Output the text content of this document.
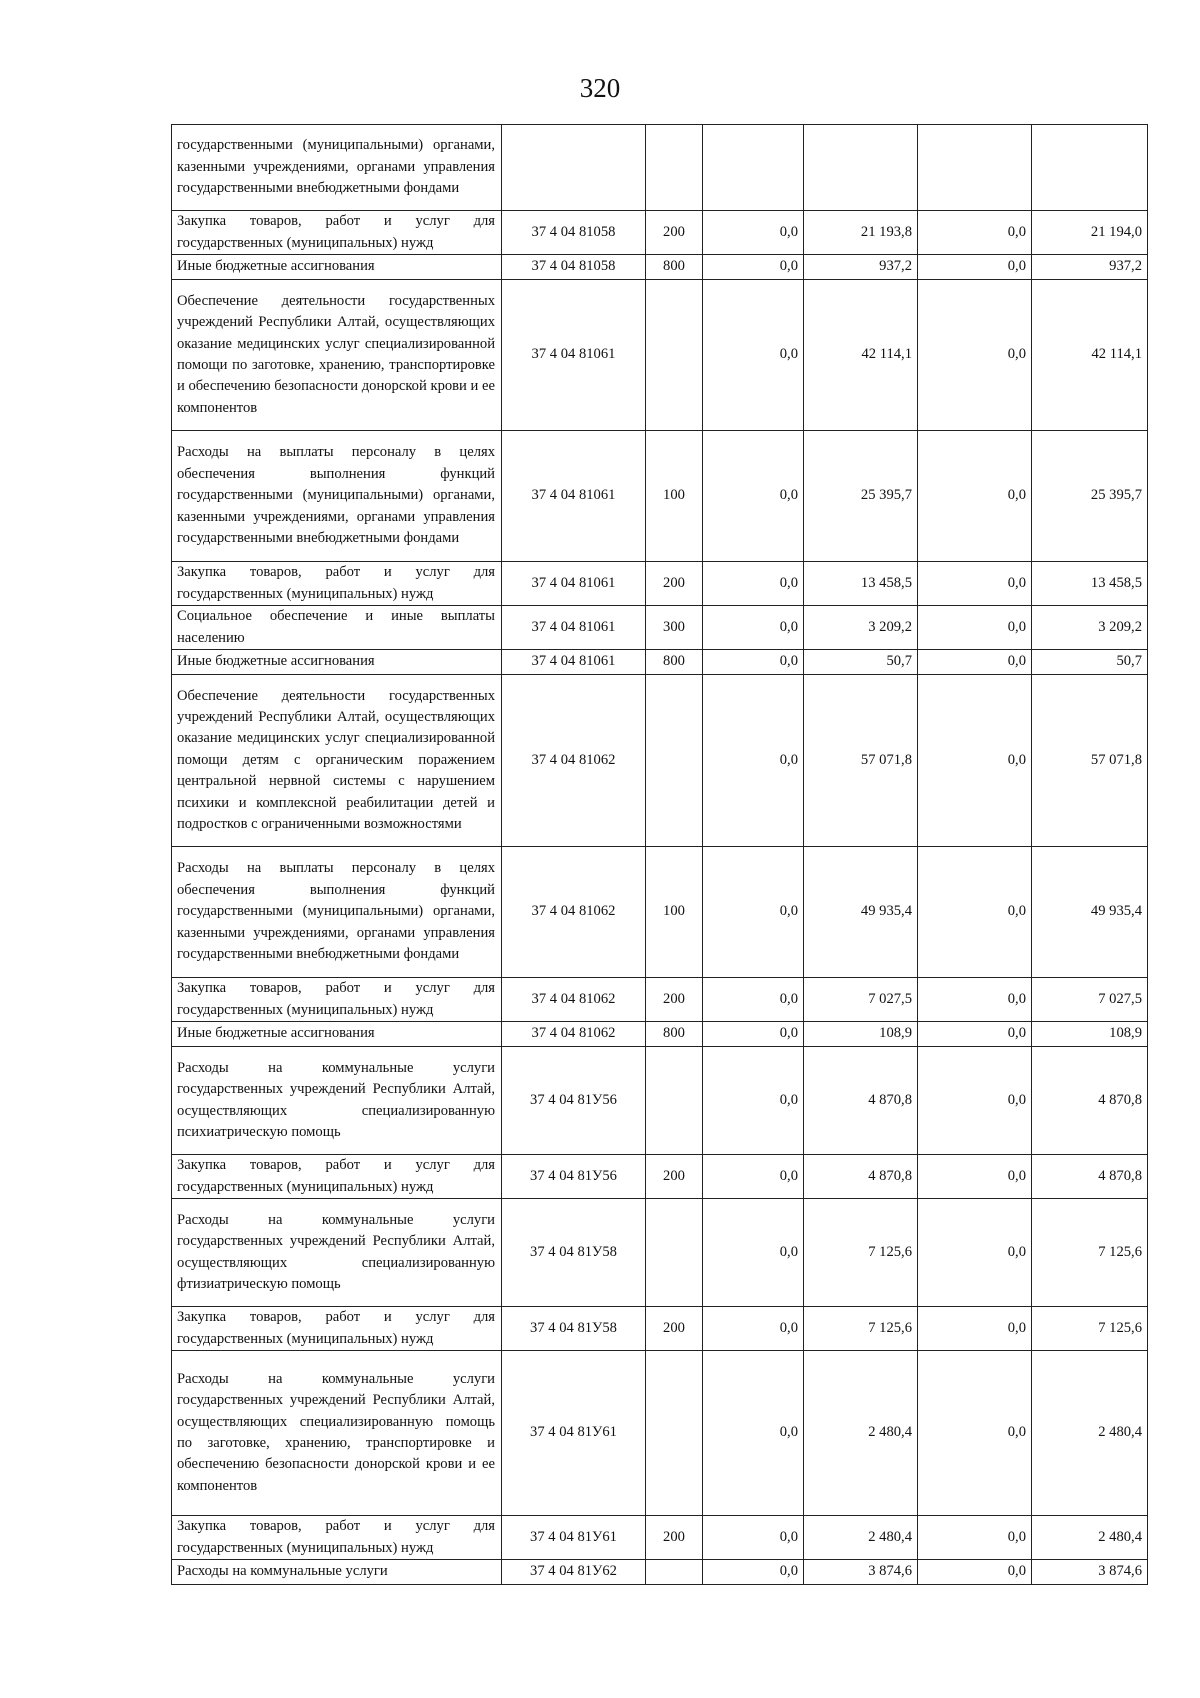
320
государственными (муниципальными) органами, казенными учреждениями, органами управления государственными внебюджетными фондами						
Закупка товаров, работ и услуг для государственных (муниципальных) нужд	37 4 04 81058	200	0,0	21 193,8	0,0	21 194,0
Иные бюджетные ассигнования	37 4 04 81058	800	0,0	937,2	0,0	937,2
Обеспечение деятельности государственных учреждений Республики Алтай, осуществляющих оказание медицинских услуг специализированной помощи по заготовке, хранению, транспортировке и обеспечению безопасности донорской крови и ее компонентов	37 4 04 81061		0,0	42 114,1	0,0	42 114,1
Расходы на выплаты персоналу в целях обеспечения выполнения функций государственными (муниципальными) органами, казенными учреждениями, органами управления государственными внебюджетными фондами	37 4 04 81061	100	0,0	25 395,7	0,0	25 395,7
Закупка товаров, работ и услуг для государственных (муниципальных) нужд	37 4 04 81061	200	0,0	13 458,5	0,0	13 458,5
Социальное обеспечение и иные выплаты населению	37 4 04 81061	300	0,0	3 209,2	0,0	3 209,2
Иные бюджетные ассигнования	37 4 04 81061	800	0,0	50,7	0,0	50,7
Обеспечение деятельности государственных учреждений Республики Алтай, осуществляющих оказание медицинских услуг специализированной помощи детям с органическим поражением центральной нервной системы с нарушением психики и комплексной реабилитации детей и подростков с ограниченными возможностями	37 4 04 81062		0,0	57 071,8	0,0	57 071,8
Расходы на выплаты персоналу в целях обеспечения выполнения функций государственными (муниципальными) органами, казенными учреждениями, органами управления государственными внебюджетными фондами	37 4 04 81062	100	0,0	49 935,4	0,0	49 935,4
Закупка товаров, работ и услуг для государственных (муниципальных) нужд	37 4 04 81062	200	0,0	7 027,5	0,0	7 027,5
Иные бюджетные ассигнования	37 4 04 81062	800	0,0	108,9	0,0	108,9
Расходы на коммунальные услуги государственных учреждений Республики Алтай, осуществляющих специализированную психиатрическую помощь	37 4 04 81У56		0,0	4 870,8	0,0	4 870,8
Закупка товаров, работ и услуг для государственных (муниципальных) нужд	37 4 04 81У56	200	0,0	4 870,8	0,0	4 870,8
Расходы на коммунальные услуги государственных учреждений Республики Алтай, осуществляющих специализированную фтизиатрическую помощь	37 4 04 81У58		0,0	7 125,6	0,0	7 125,6
Закупка товаров, работ и услуг для государственных (муниципальных) нужд	37 4 04 81У58	200	0,0	7 125,6	0,0	7 125,6
Расходы на коммунальные услуги государственных учреждений Республики Алтай, осуществляющих специализированную помощь по заготовке, хранению, транспортировке и обеспечению безопасности донорской крови и ее компонентов	37 4 04 81У61		0,0	2 480,4	0,0	2 480,4
Закупка товаров, работ и услуг для государственных (муниципальных) нужд	37 4 04 81У61	200	0,0	2 480,4	0,0	2 480,4
Расходы на коммунальные услуги	37 4 04 81У62		0,0	3 874,6	0,0	3 874,6
